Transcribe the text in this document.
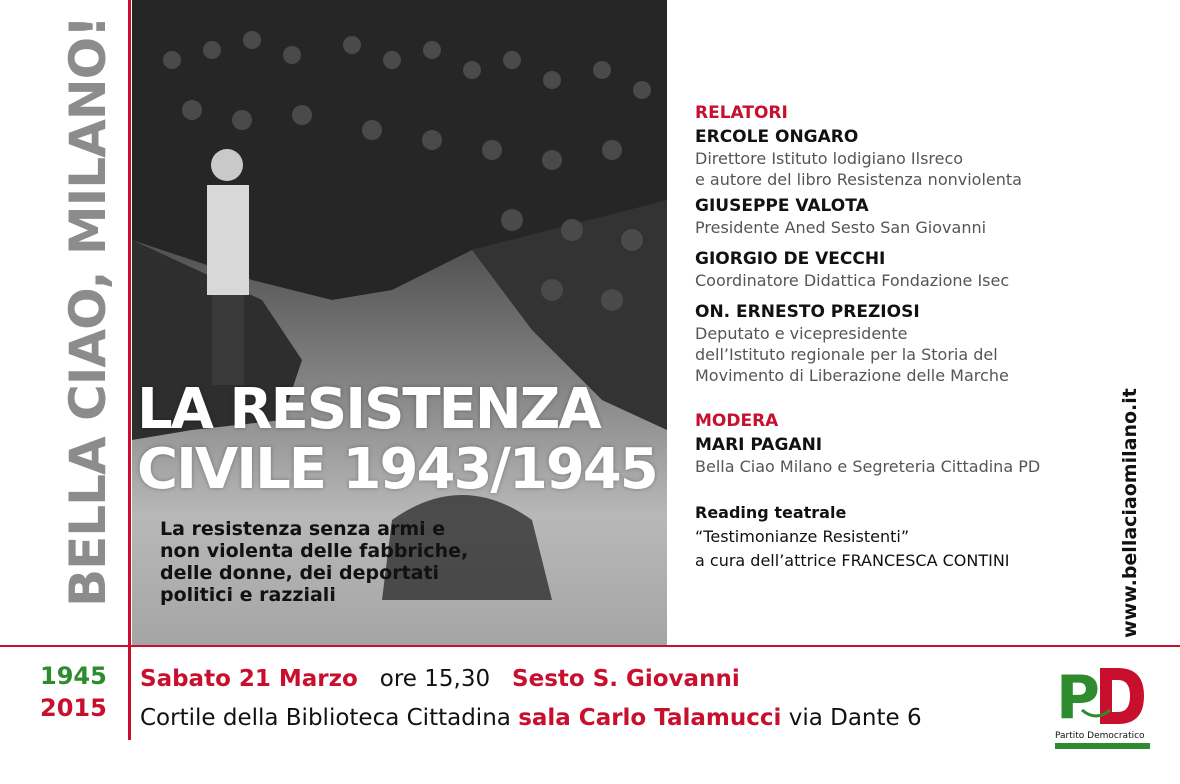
BELLA CIAO, MILANO! LA RESISTENZA
CIVILE 1943/1945
La resistenza senza armi e
non violenta delle fabbriche,
delle donne, dei deportati
politici e razziali
RELATORI
ERCOLE ONGARO
Direttore Istituto lodigiano Ilsreco
e autore del libro Resistenza nonviolenta
GIUSEPPE VALOTA
Presidente Aned Sesto San Giovanni
GIORGIO DE VECCHI
Coordinatore Didattica Fondazione Isec
ON. ERNESTO PREZIOSI
Deputato e vicepresidente
dell’Istituto regionale per la Storia del
Movimento di Liberazione delle Marche
MODERA
MARI PAGANI
Bella Ciao Milano e Segreteria Cittadina PD
Reading teatrale
“Testimonianze Resistenti”
a cura dell’attrice FRANCESCA CONTINI	www.bellaciaomilano.it
1945
2015
Sabato 21 Marzo ore 15,30 Sesto S. Giovanni
Cortile della Biblioteca Cittadina sala Carlo Talamucci via Dante 6 P
Partito Democratico
